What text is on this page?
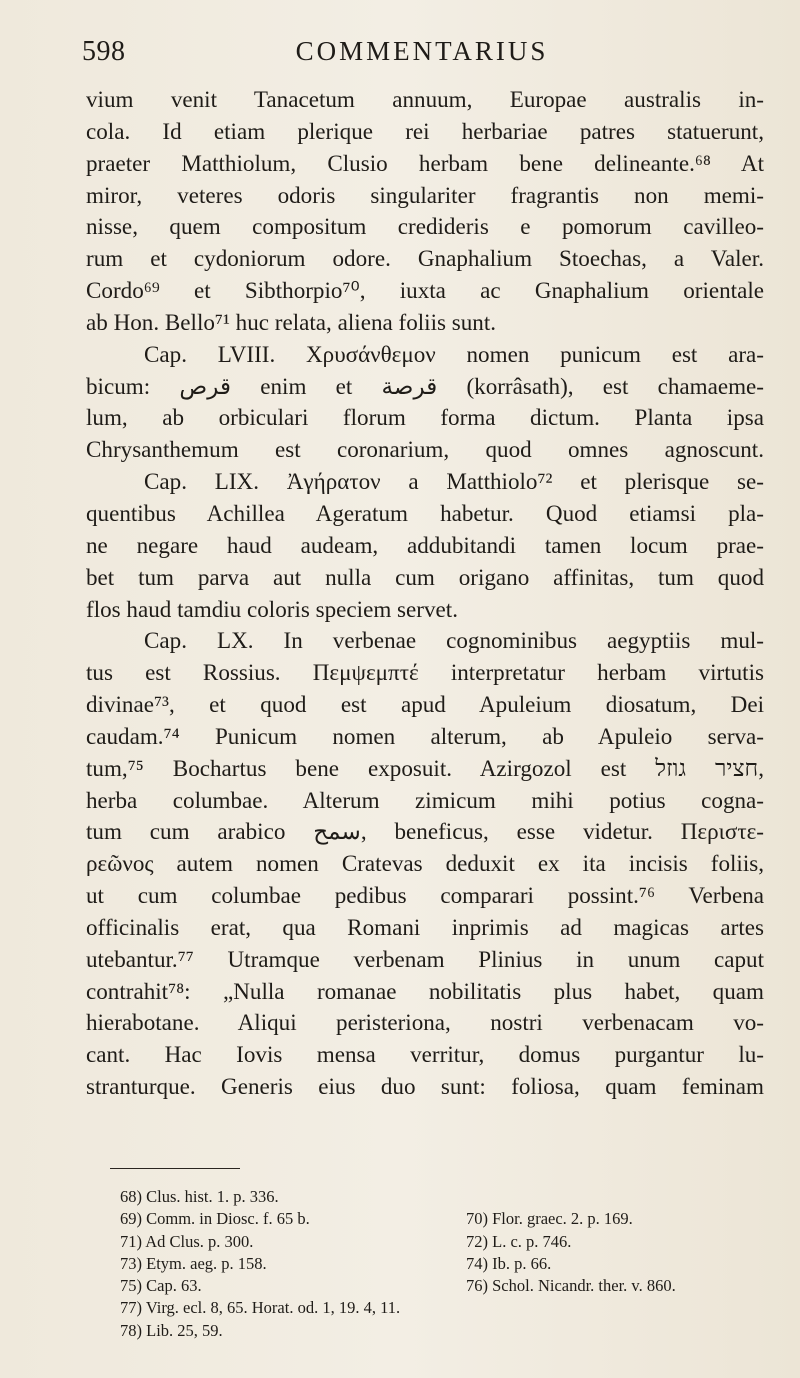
598	COMMENTARIUS
vium venit Tanacetum annuum, Europae australis in-
cola. Id etiam plerique rei herbariae patres statuerunt,
praeter Matthiolum, Clusio herbam bene delineante.⁶⁸ At
miror, veteres odoris singulariter fragrantis non memi-
nisse, quem compositum credideris e pomorum cavilleo-
rum et cydoniorum odore. Gnaphalium Stoechas, a Valer.
Cordo⁶⁹ et Sibthorpio⁷⁰, iuxta ac Gnaphalium orientale
ab Hon. Bello⁷¹ huc relata, aliena foliis sunt.
Cap. LVIII. Χρυσάνθεμον nomen punicum est ara-
bicum: قرص enim et قرصة (korrâsath), est chamaeme-
lum, ab orbiculari florum forma dictum. Planta ipsa
Chrysanthemum est coronarium, quod omnes agnoscunt.
Cap. LIX. Ἀγήρατον a Matthiolo⁷² et plerisque se-
quentibus Achillea Ageratum habetur. Quod etiamsi pla-
ne negare haud audeam, addubitandi tamen locum prae-
bet tum parva aut nulla cum origano affinitas, tum quod
flos haud tamdiu coloris speciem servet.
Cap. LX. In verbenae cognominibus aegyptiis mul-
tus est Rossius. Πεμψεμπτέ interpretatur herbam virtutis
divinae⁷³, et quod est apud Apuleium diosatum, Dei
caudam.⁷⁴ Punicum nomen alterum, ab Apuleio serva-
tum,⁷⁵ Bochartus bene exposuit. Azirgozol est חציר גוזל,
herba columbae. Alterum zimicum mihi potius cogna-
tum cum arabico سمح, beneficus, esse videtur. Περιστε-
ρεῶνος autem nomen Cratevas deduxit ex ita incisis foliis,
ut cum columbae pedibus comparari possint.⁷⁶ Verbena
officinalis erat, qua Romani inprimis ad magicas artes
utebantur.⁷⁷ Utramque verbenam Plinius in unum caput
contrahit⁷⁸: „Nulla romanae nobilitatis plus habet, quam
hierabotane. Aliqui peristeriona, nostri verbenacam vo-
cant. Hac Iovis mensa verritur, domus purgantur lu-
stranturque. Generis eius duo sunt: foliosa, quam feminam
68) Clus. hist. 1. p. 336.
69) Comm. in Diosc. f. 65 b.	70) Flor. graec. 2. p. 169.
71) Ad Clus. p. 300.	72) L. c. p. 746.
73) Etym. aeg. p. 158.	74) Ib. p. 66.
75) Cap. 63.	76) Schol. Nicandr. ther. v. 860.
77) Virg. ecl. 8, 65. Horat. od. 1, 19. 4, 11.
78) Lib. 25, 59.
